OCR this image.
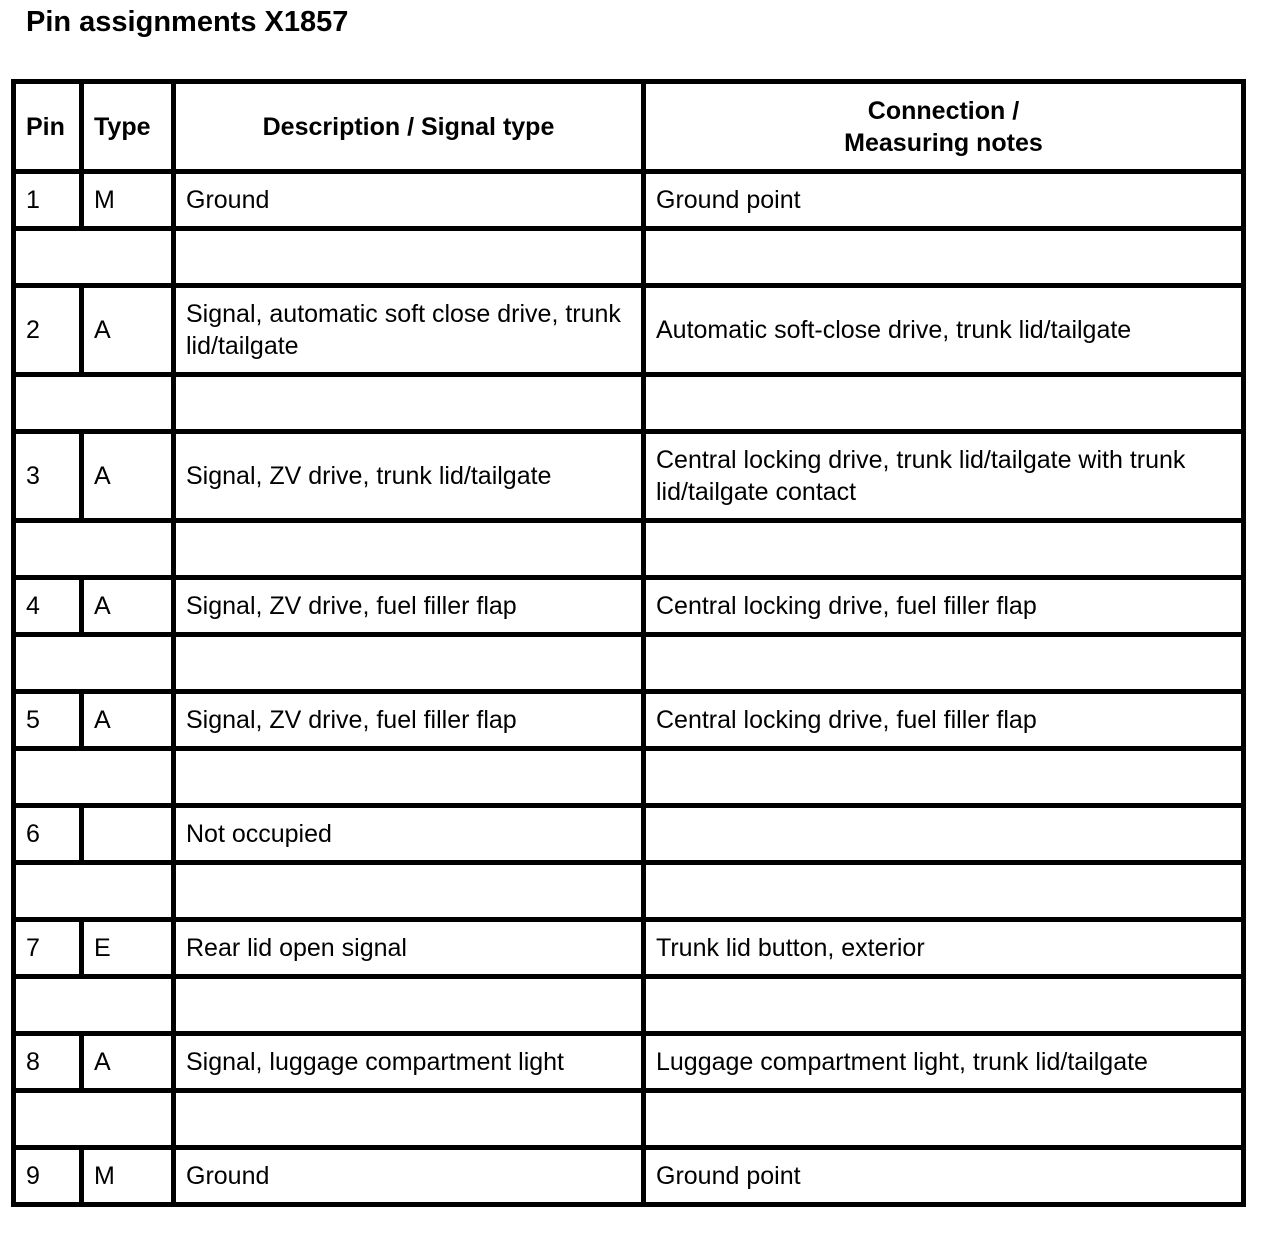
Pin assignments X1857
Pin	Type	Description / Signal type	Connection /
Measuring notes
1	M	Ground	Ground point

2	A	Signal, automatic soft close drive, trunk lid/tailgate	Automatic soft-close drive, trunk lid/tailgate

3	A	Signal, ZV drive, trunk lid/tailgate	Central locking drive, trunk lid/tailgate with trunk lid/tailgate contact

4	A	Signal, ZV drive, fuel filler flap	Central locking drive, fuel filler flap

5	A	Signal, ZV drive, fuel filler flap	Central locking drive, fuel filler flap

6		Not occupied	

7	E	Rear lid open signal	Trunk lid button, exterior

8	A	Signal, luggage compartment light	Luggage compartment light, trunk lid/tailgate

9	M	Ground	Ground point
